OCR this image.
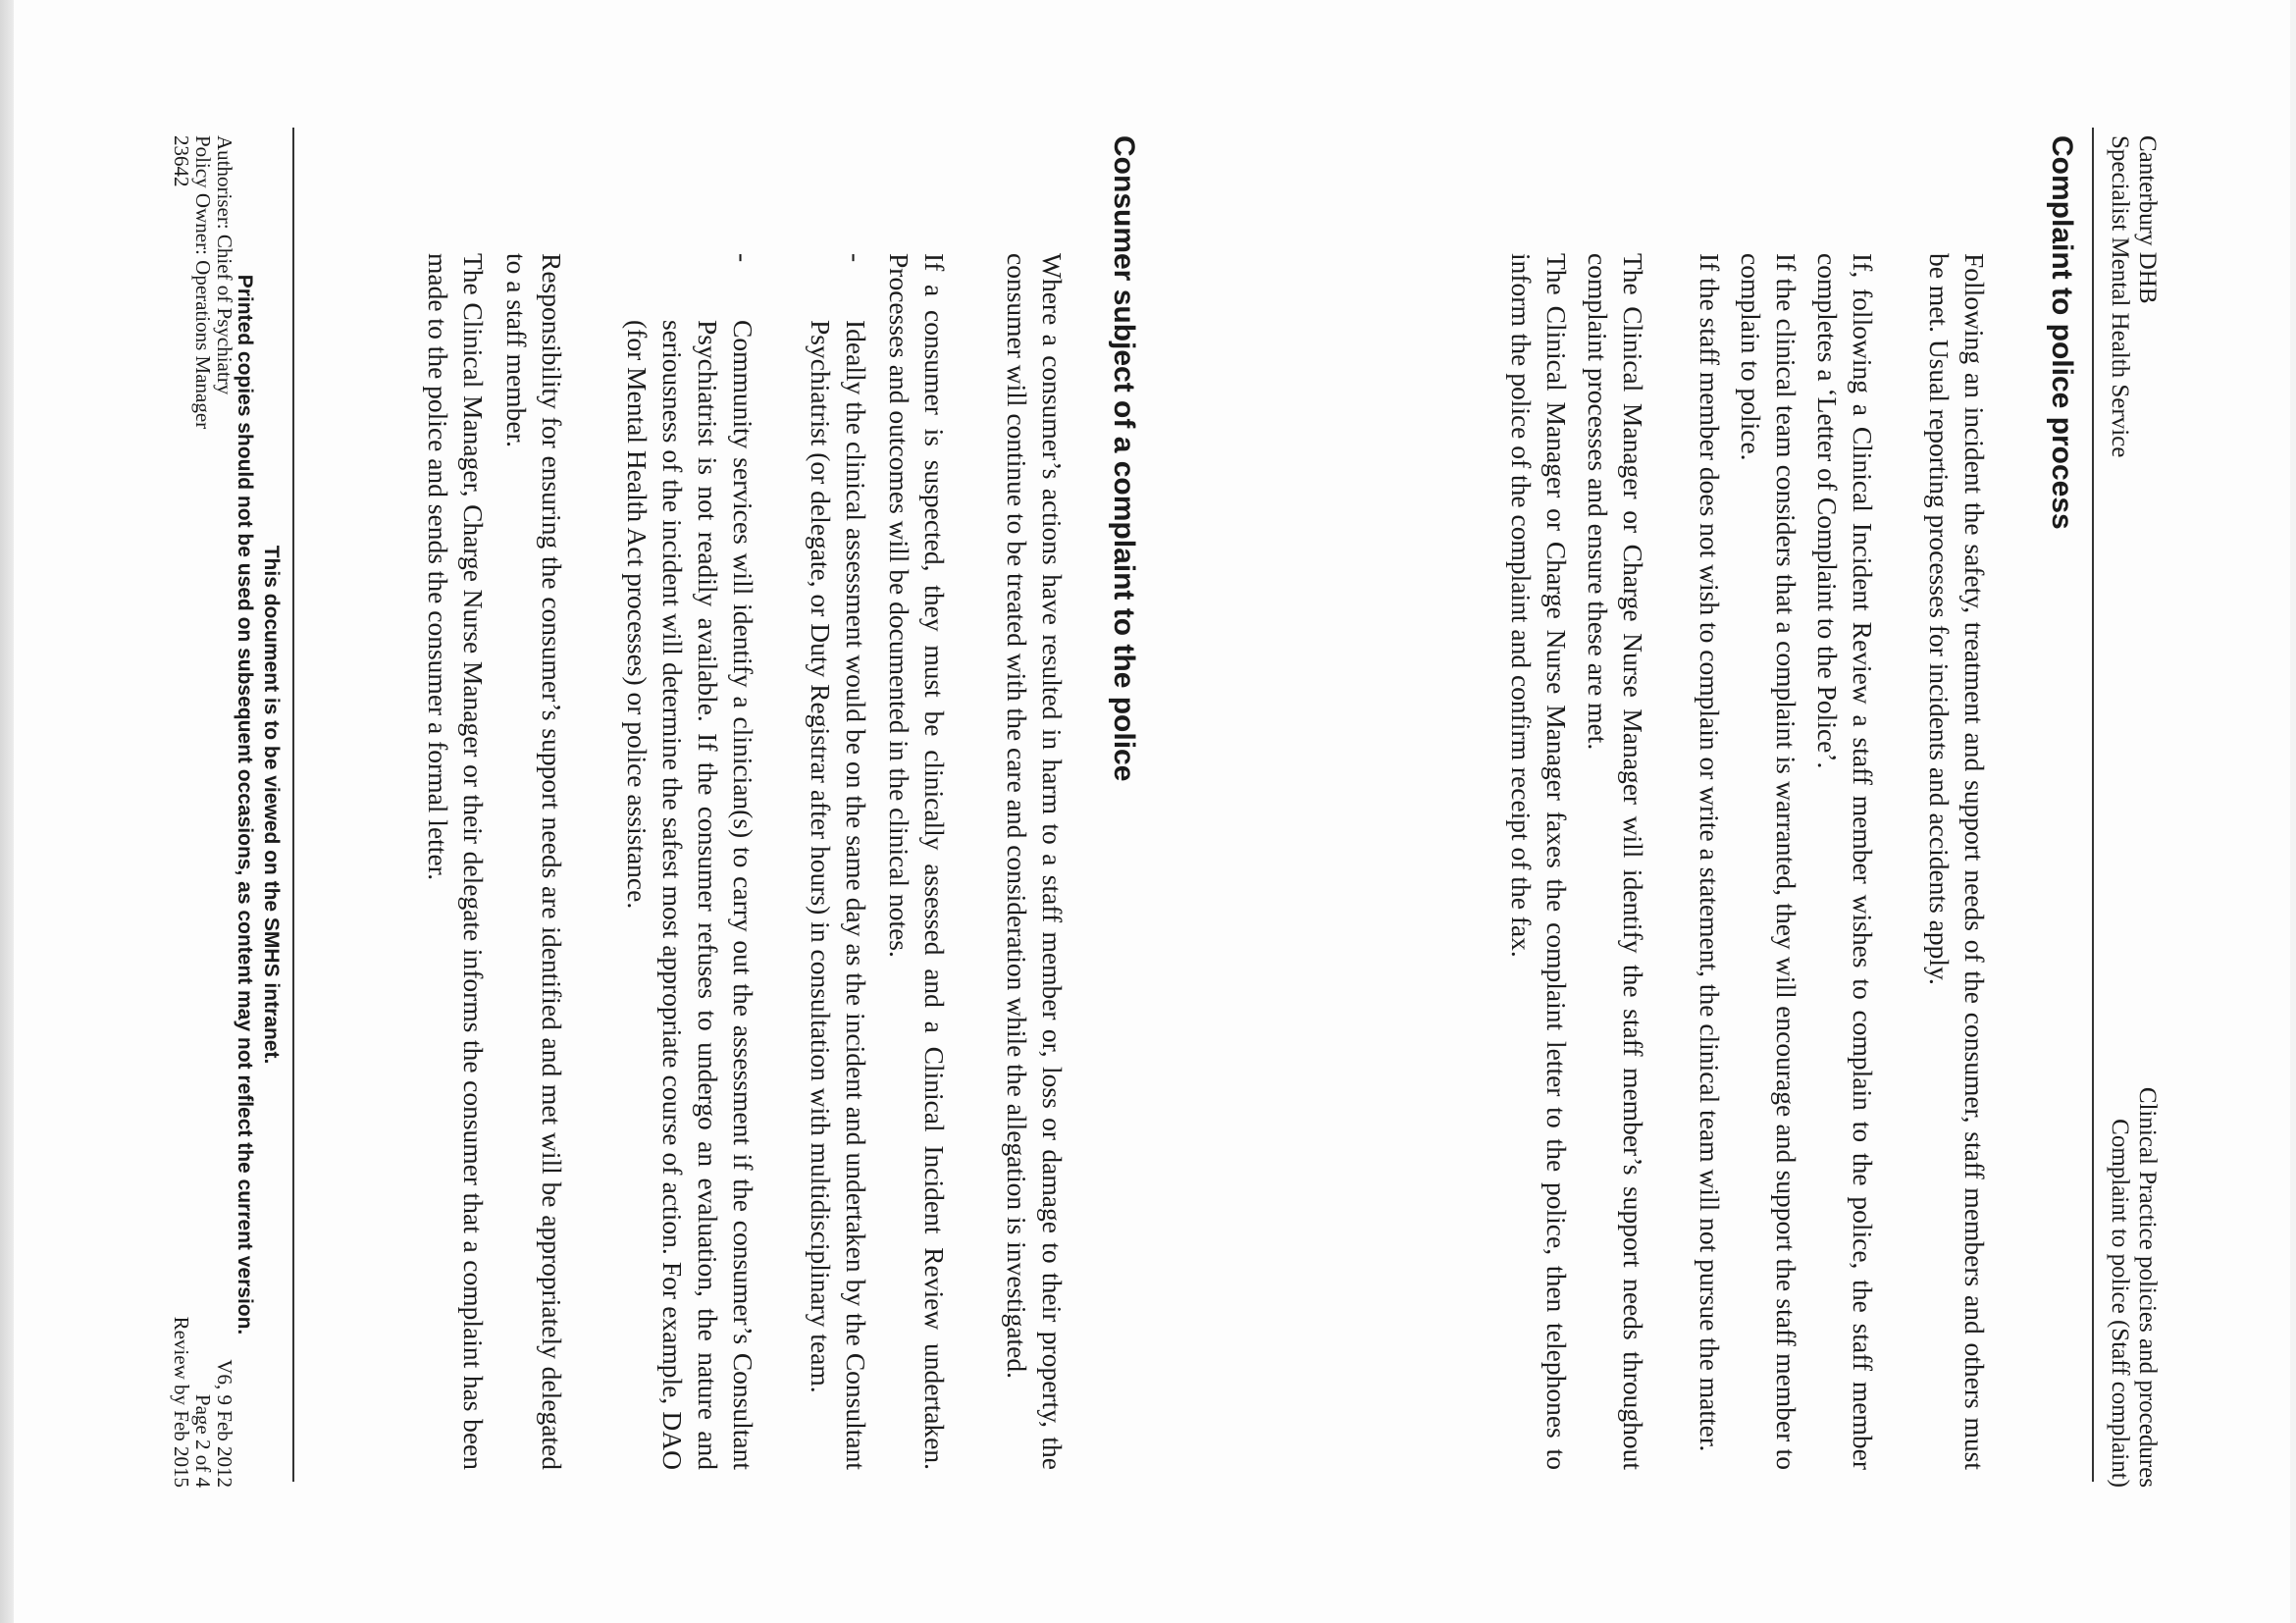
Canterbury DHB
Specialist Mental Health Service
Clinical Practice policies and procedures
Complaint to police (Staff complaint)
Complaint to police process
Following an incident the safety, treatment and support needs of the consumer, staff members and others must be met. Usual reporting processes for incidents and accidents apply.
If, following a Clinical Incident Review a staff member wishes to complain to the police, the staff member completes a ‘Letter of Complaint to the Police’.
If the clinical team considers that a complaint is warranted, they will encourage and support the staff member to complain to police.
If the staff member does not wish to complain or write a statement, the clinical team will not pursue the matter.
The Clinical Manager or Charge Nurse Manager will identify the staff member’s support needs throughout complaint processes and ensure these are met.
The Clinical Manager or Charge Nurse Manager faxes the complaint letter to the police, then telephones to inform the police of the complaint and confirm receipt of the fax.
Consumer subject of a complaint to the police
Where a consumer’s actions have resulted in harm to a staff member or, loss or damage to their property, the consumer will continue to be treated with the care and consideration while the allegation is investigated.
If a consumer is suspected, they must be clinically assessed and a Clinical Incident Review undertaken. Processes and outcomes will be documented in the clinical notes.
-
Ideally the clinical assessment would be on the same day as the incident and undertaken by the Consultant Psychiatrist (or delegate, or Duty Registrar after hours) in consultation with multidisciplinary team.
-
Community services will identify a clinician(s) to carry out the assessment if the consumer’s Consultant Psychiatrist is not readily available. If the consumer refuses to undergo an evaluation, the nature and seriousness of the incident will determine the safest most appropriate course of action. For example, DAO (for Mental Health Act processes) or police assistance.
Responsibility for ensuring the consumer’s support needs are identified and met will be appropriately delegated to a staff member.
The Clinical Manager, Charge Nurse Manager or their delegate informs the consumer that a complaint has been made to the police and sends the consumer a formal letter.
This document is to be viewed on the SMHS intranet.
Printed copies should not be used on subsequent occasions, as content may not reflect the current version.
Authoriser: Chief of Psychiatry
Policy Owner: Operations Manager
23642
V6, 9 Feb 2012
Page 2 of 4
Review by Feb 2015
